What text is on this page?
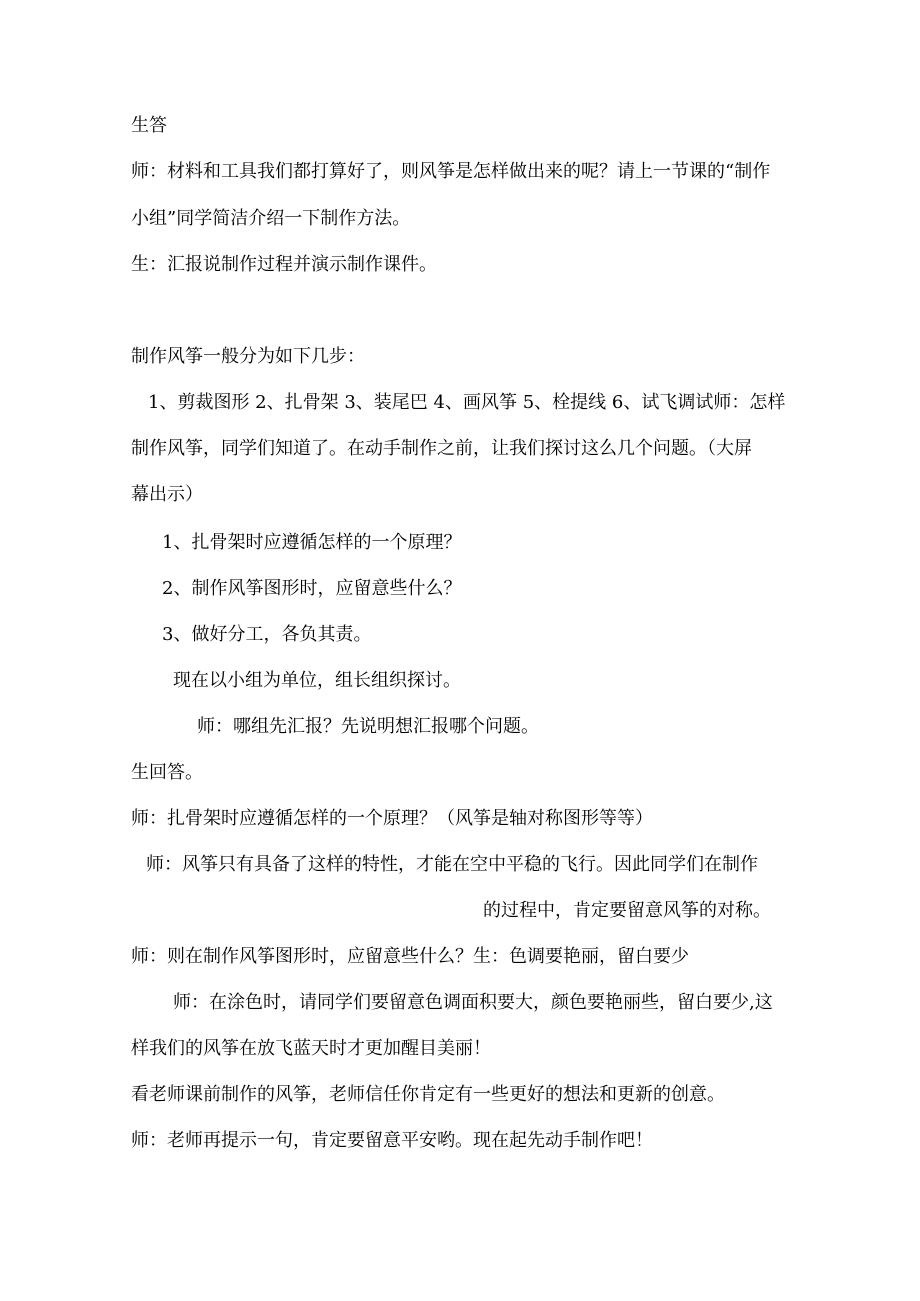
生答
师：材料和工具我们都打算好了，则风筝是怎样做出来的呢？请上一节课的“制作
小组”同学简洁介绍一下制作方法。
生：汇报说制作过程并演示制作课件。
制作风筝一般分为如下几步：
1、剪裁图形 2、扎骨架 3、装尾巴 4、画风筝 5、栓提线 6、试飞调试师：怎样
制作风筝，同学们知道了。在动手制作之前，让我们探讨这么几个问题。（大屏
幕出示）
1、扎骨架时应遵循怎样的一个原理？
2、制作风筝图形时，应留意些什么？
3、做好分工，各负其责。
现在以小组为单位，组长组织探讨。
师：哪组先汇报？先说明想汇报哪个问题。
生回答。
师：扎骨架时应遵循怎样的一个原理？（风筝是轴对称图形等等）
师：风筝只有具备了这样的特性，才能在空中平稳的飞行。因此同学们在制作
的过程中，肯定要留意风筝的对称。
师：则在制作风筝图形时，应留意些什么？生：色调要艳丽，留白要少
师：在涂色时，请同学们要留意色调面积要大，颜色要艳丽些，留白要少,这
样我们的风筝在放飞蓝天时才更加醒目美丽！
看老师课前制作的风筝，老师信任你肯定有一些更好的想法和更新的创意。
师：老师再提示一句，肯定要留意平安哟。现在起先动手制作吧！
